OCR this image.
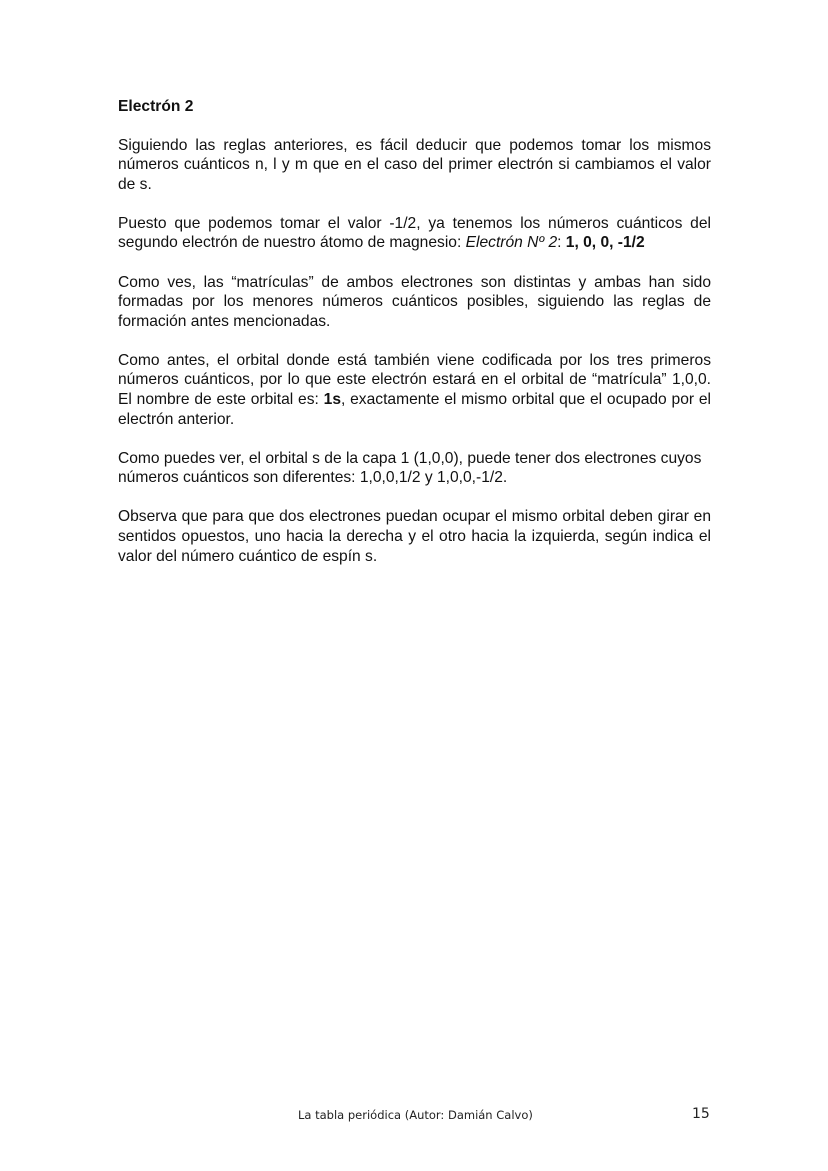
Electrón 2

Siguiendo las reglas anteriores, es fácil deducir que podemos tomar los mismos números cuánticos n, l y m que en el caso del primer electrón si cambiamos el valor de s.

Puesto que podemos tomar el valor -1/2, ya tenemos los números cuánticos del segundo electrón de nuestro átomo de magnesio: Electrón Nº 2: 1, 0, 0, -1/2

Como ves, las “matrículas” de ambos electrones son distintas y ambas han sido formadas por los menores números cuánticos posibles, siguiendo las reglas de formación antes mencionadas.

Como antes, el orbital donde está también viene codificada por los tres primeros números cuánticos, por lo que este electrón estará en el orbital de “matrícula” 1,0,0. El nombre de este orbital es: 1s, exactamente el mismo orbital que el ocupado por el electrón anterior.

Como puedes ver, el orbital s de la capa 1 (1,0,0), puede tener dos electrones cuyos números cuánticos son diferentes: 1,0,0,1/2 y 1,0,0,-1/2.

Observa que para que dos electrones puedan ocupar el mismo orbital deben girar en sentidos opuestos, uno hacia la derecha y el otro hacia la izquierda, según indica el valor del número cuántico de espín s.

La tabla periódica (Autor: Damián Calvo)	15
